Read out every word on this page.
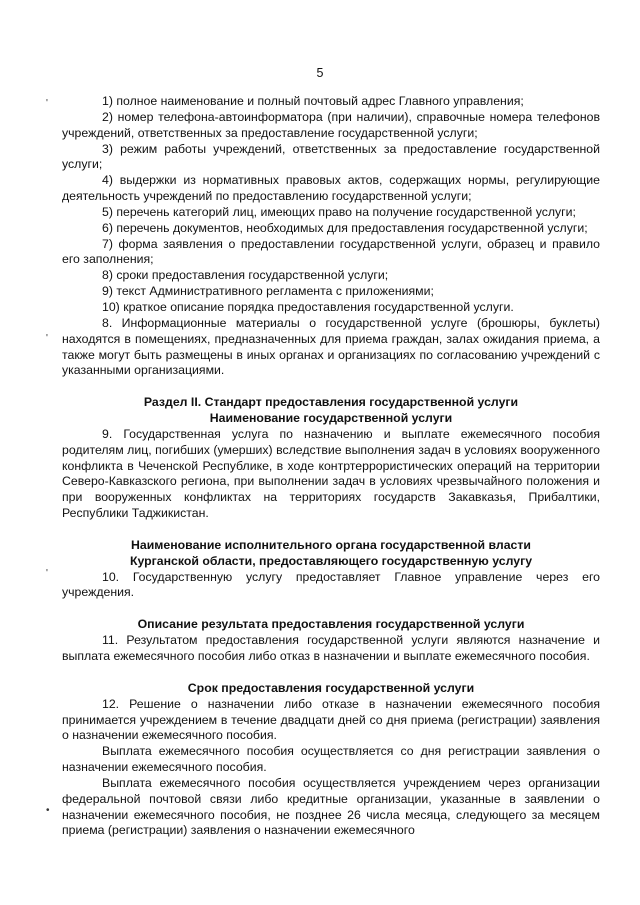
5
'
'
'
•

1) полное наименование и полный почтовый адрес Главного управления;

2) номер телефона-автоинформатора (при наличии), справочные номера телефонов учреждений, ответственных за предоставление государственной услуги;

3) режим работы учреждений, ответственных за предоставление государственной услуги;

4) выдержки из нормативных правовых актов, содержащих нормы, регулирующие деятельность учреждений по предоставлению государственной услуги;

5) перечень категорий лиц, имеющих право на получение государственной услуги;

6) перечень документов, необходимых для предоставления государственной услуги;

7) форма заявления о предоставлении государственной услуги, образец и правило его заполнения;

8) сроки предоставления государственной услуги;

9) текст Административного регламента с приложениями;

10) краткое описание порядка предоставления государственной услуги.

8. Информационные материалы о государственной услуге (брошюры, буклеты) находятся в помещениях, предназначенных для приема граждан, залах ожидания приема, а также могут быть размещены в иных органах и организациях по согласованию учреждений с указанными организациями.

Раздел II. Стандарт предоставления государственной услуги
Наименование государственной услуги

9. Государственная услуга по назначению и выплате ежемесячного пособия родителям лиц, погибших (умерших) вследствие выполнения задач в условиях вооруженного конфликта в Чеченской Республике, в ходе контртеррористических операций на территории Северо-Кавказского региона, при выполнении задач в условиях чрезвычайного положения и при вооруженных конфликтах на территориях государств Закавказья, Прибалтики, Республики Таджикистан.

Наименование исполнительного органа государственной власти
Курганской области, предоставляющего государственную услугу

10. Государственную услугу предоставляет Главное управление через его учреждения.

Описание результата предоставления государственной услуги

11. Результатом предоставления государственной услуги являются назначение и выплата ежемесячного пособия либо отказ в назначении и выплате ежемесячного пособия.

Срок предоставления государственной услуги

12. Решение о назначении либо отказе в назначении ежемесячного пособия принимается учреждением в течение двадцати дней со дня приема (регистрации) заявления о назначении ежемесячного пособия.

Выплата ежемесячного пособия осуществляется со дня регистрации заявления о назначении ежемесячного пособия.

Выплата ежемесячного пособия осуществляется учреждением через организации федеральной почтовой связи либо кредитные организации, указанные в заявлении о назначении ежемесячного пособия, не позднее 26 числа месяца, следующего за месяцем приема (регистрации) заявления о назначении ежемесячного
